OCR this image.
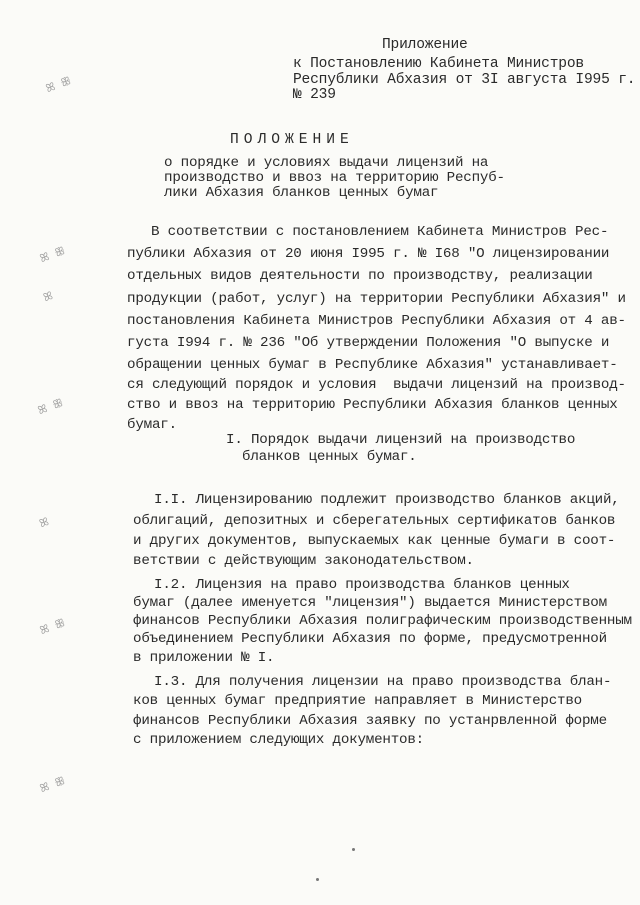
ꕤ ꕥ
ꕤ ꕥ
ꕤ
ꕤ ꕥ
ꕤ
ꕤ ꕥ
ꕤ ꕥ
Приложение
к Постановлению Кабинета Министров
Республики Абхазия от 3I августа I995 г.
№ 239
ПОЛОЖЕНИЕ
о порядке и условиях выдачи лицензий на
производство и ввоз на территорию Респуб-
лики Абхазия бланков ценных бумаг
В соответствии с постановлением Кабинета Министров Рес-
публики Абхазия от 20 июня I995 г. № I68 "О лицензировании
отдельных видов деятельности по производству, реализации
продукции (работ, услуг) на территории Республики Абхазия" и
постановления Кабинета Министров Республики Абхазия от 4 ав-
густа I994 г. № 236 "Об утверждении Положения "О выпуске и
обращении ценных бумаг в Республике Абхазия" устанавливает-
ся следующий порядок и условия  выдачи лицензий на производ-
ство и ввоз на территорию Республики Абхазия бланков ценных
бумаг.
I. Порядок выдачи лицензий на производство
бланков ценных бумаг.
I.I. Лицензированию подлежит производство бланков акций,
облигаций, депозитных и сберегательных сертификатов банков
и других документов, выпускаемых как ценные бумаги в соот-
ветствии с действующим законодательством.
I.2. Лицензия на право производства бланков ценных
бумаг (далее именуется "лицензия") выдается Министерством
финансов Республики Абхазия полиграфическим производственным
объединением Республики Абхазия по форме, предусмотренной
в приложении № I.
I.3. Для получения лицензии на право производства блан-
ков ценных бумаг предприятие направляет в Министерство
финансов Республики Абхазия заявку по устанрвленной форме
с приложением следующих документов:
